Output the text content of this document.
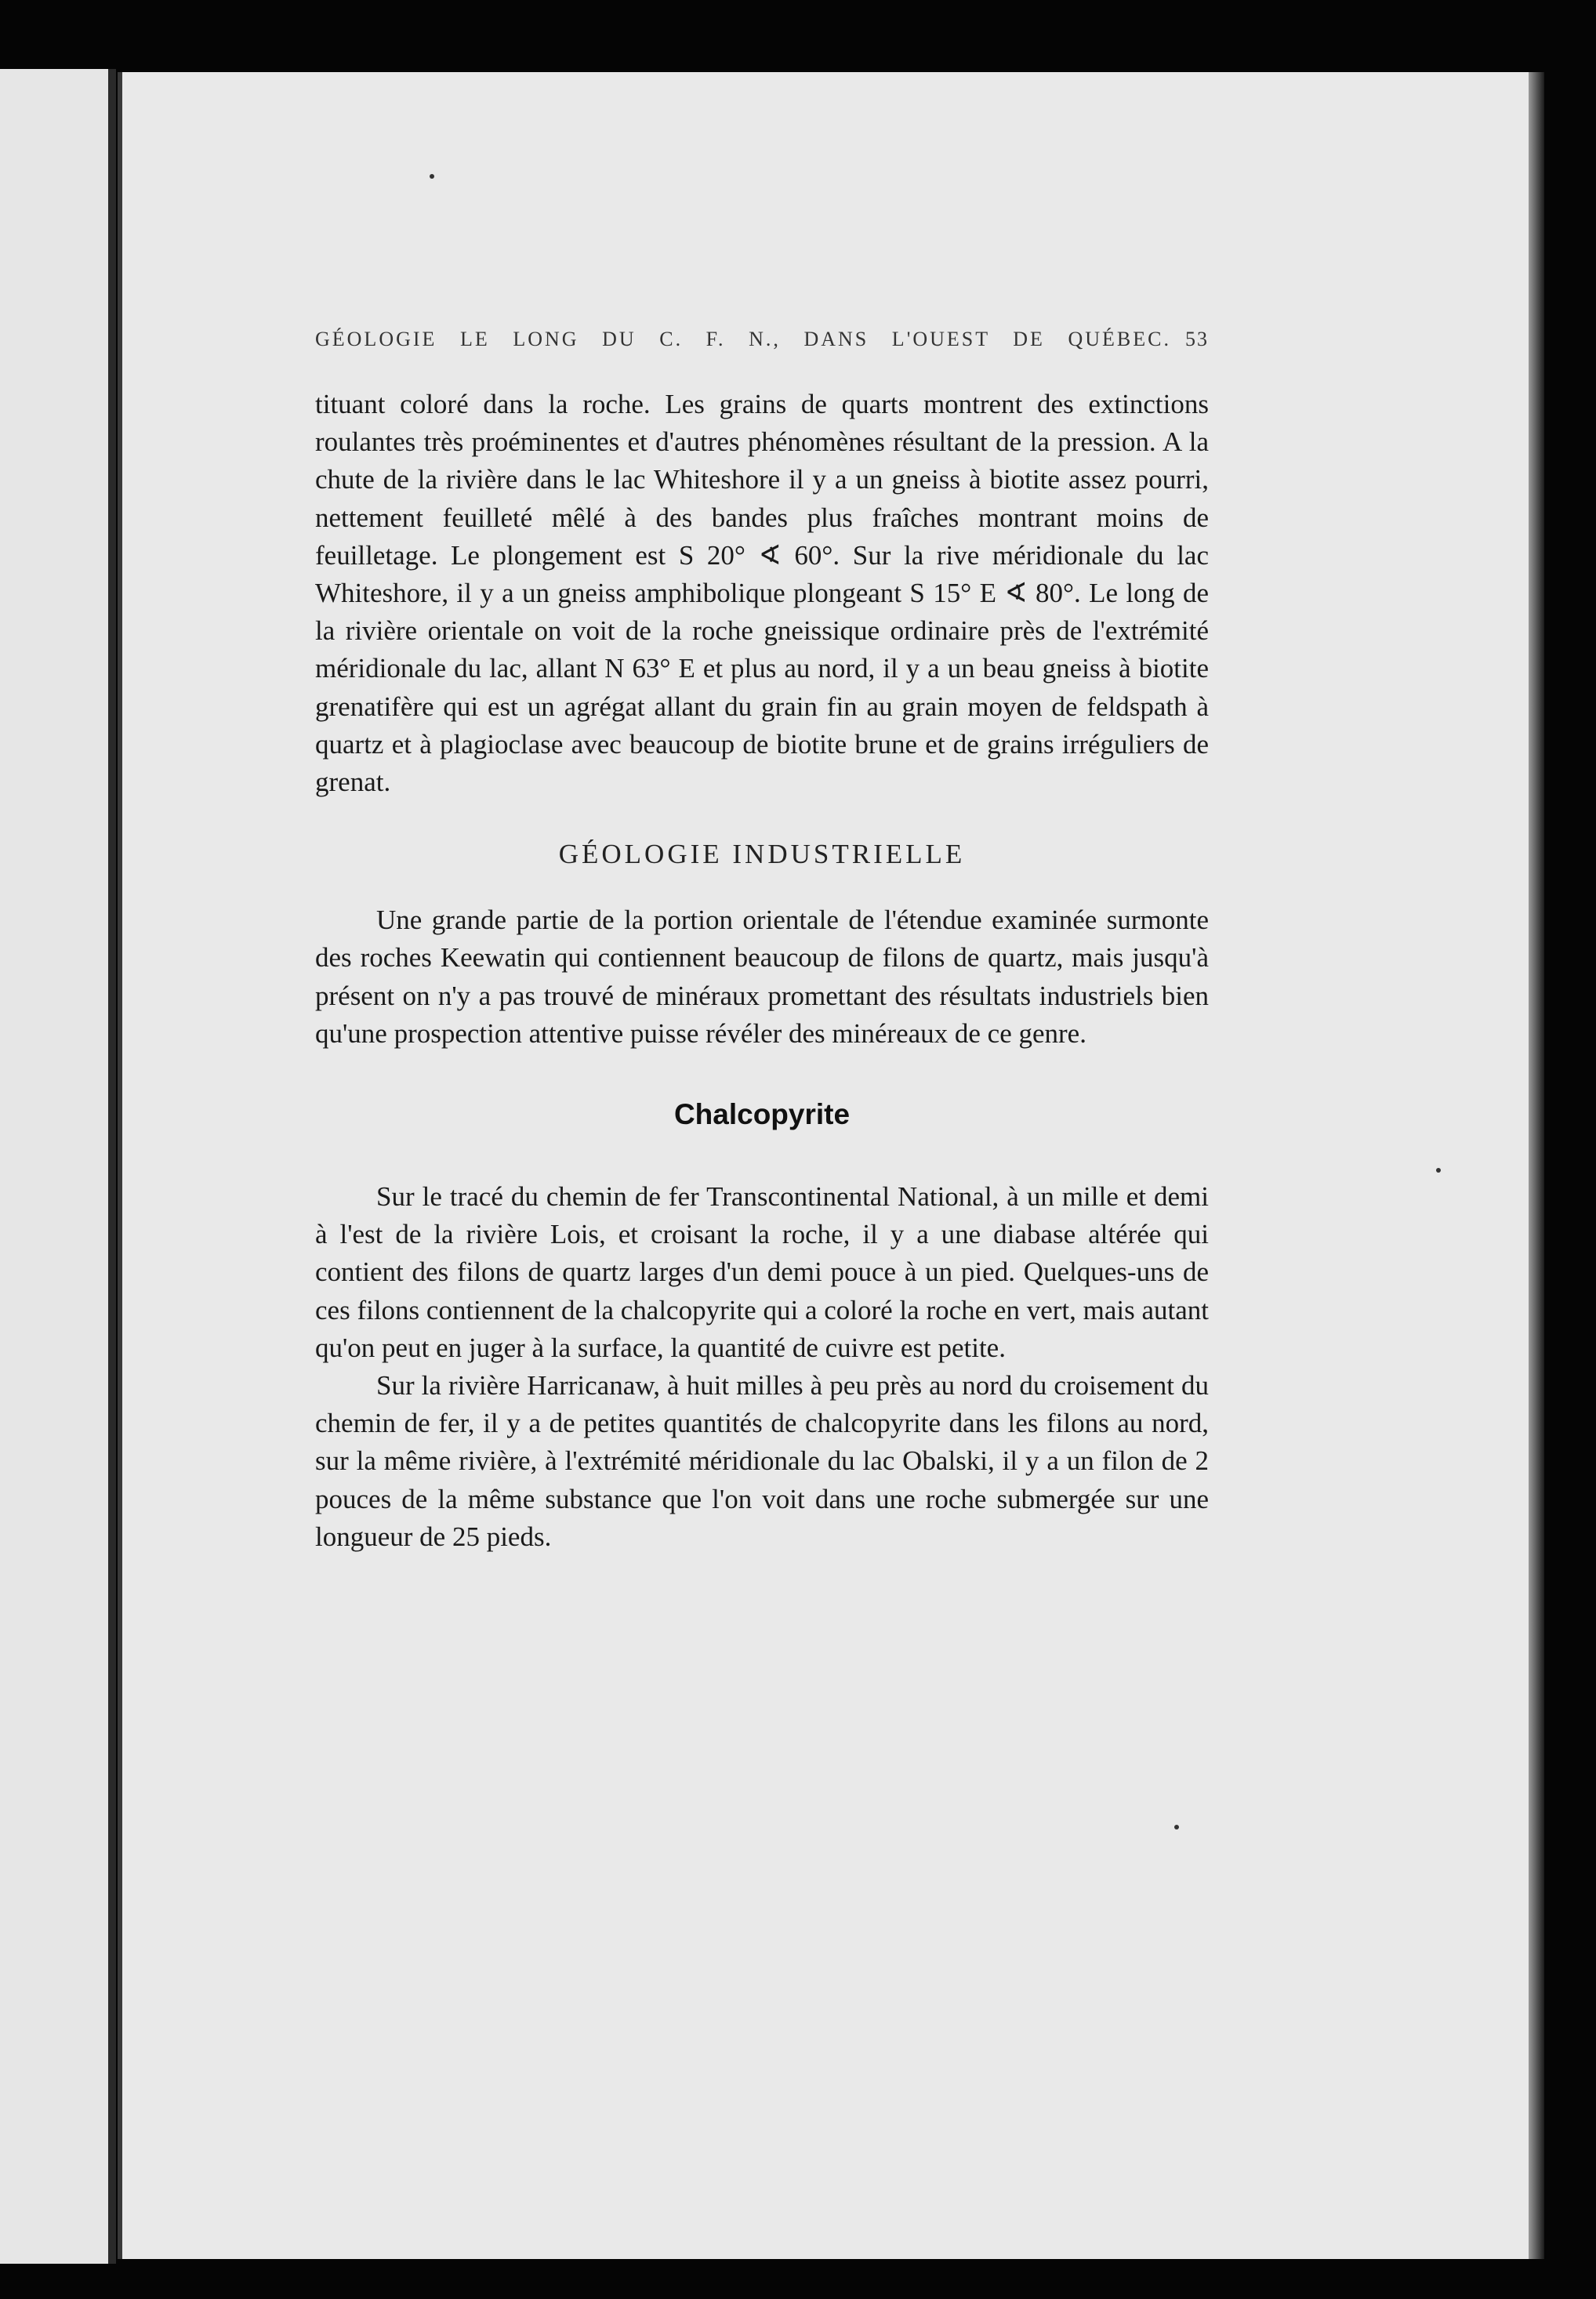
GÉOLOGIE LE LONG DU C. F. N., DANS L'OUEST DE QUÉBEC. 53

tituant coloré dans la roche. Les grains de quarts montrent des extinctions roulantes très proéminentes et d'autres phénomènes résultant de la pression. A la chute de la rivière dans le lac Whiteshore il y a un gneiss à biotite assez pourri, nettement feuilleté mêlé à des bandes plus fraîches montrant moins de feuilletage. Le plongement est S 20° ∢ 60°. Sur la rive méridionale du lac Whiteshore, il y a un gneiss amphibolique plongeant S 15° E ∢ 80°. Le long de la rivière orientale on voit de la roche gneissique ordinaire près de l'extrémité méridionale du lac, allant N 63° E et plus au nord, il y a un beau gneiss à biotite grenatifère qui est un agrégat allant du grain fin au grain moyen de feldspath à quartz et à plagioclase avec beaucoup de biotite brune et de grains irréguliers de grenat.

GÉOLOGIE INDUSTRIELLE

Une grande partie de la portion orientale de l'étendue examinée surmonte des roches Keewatin qui contiennent beaucoup de filons de quartz, mais jusqu'à présent on n'y a pas trouvé de minéraux promettant des résultats industriels bien qu'une prospection attentive puisse révéler des minéreaux de ce genre.

Chalcopyrite

Sur le tracé du chemin de fer Transcontinental National, à un mille et demi à l'est de la rivière Lois, et croisant la roche, il y a une diabase altérée qui contient des filons de quartz larges d'un demi pouce à un pied. Quelques-uns de ces filons contiennent de la chalcopyrite qui a coloré la roche en vert, mais autant qu'on peut en juger à la surface, la quantité de cuivre est petite.

Sur la rivière Harricanaw, à huit milles à peu près au nord du croisement du chemin de fer, il y a de petites quantités de chalcopyrite dans les filons au nord, sur la même rivière, à l'extrémité méridionale du lac Obalski, il y a un filon de 2 pouces de la même substance que l'on voit dans une roche submergée sur une longueur de 25 pieds.
